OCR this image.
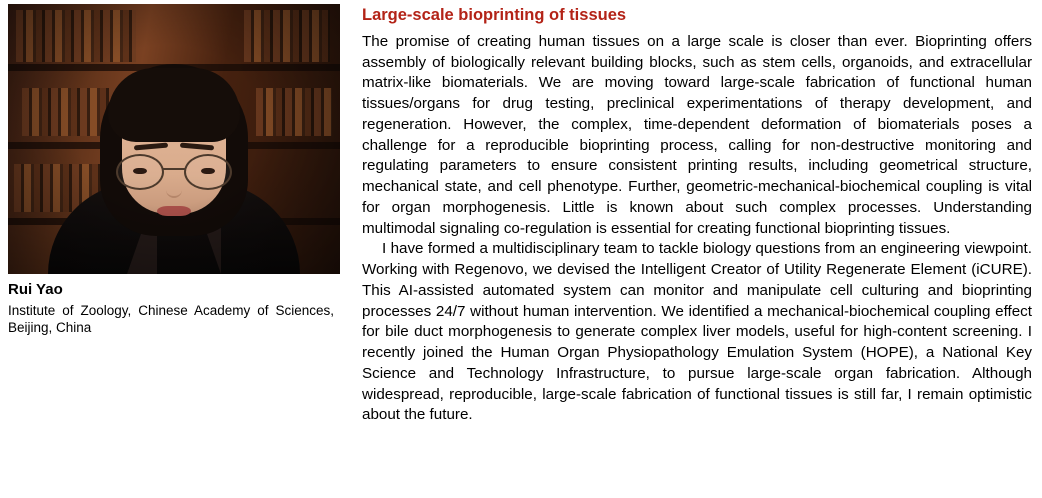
Rui Yao
Institute of Zoology, Chinese Academy of Sciences, Beijing, China
Large-scale bioprinting of tissues

The promise of creating human tissues on a large scale is closer than ever. Bioprinting offers assembly of biologically relevant building blocks, such as stem cells, organoids, and extracellular matrix-like biomaterials. We are moving toward large-scale fabrication of functional human tissues/organs for drug testing, preclinical experimentations of therapy development, and regeneration. However, the complex, time-dependent deformation of biomaterials poses a challenge for a reproducible bioprinting process, calling for non-destructive monitoring and regulating parameters to ensure consistent printing results, including geometrical structure, mechanical state, and cell phenotype. Further, geometric-mechanical-biochemical coupling is vital for organ morphogenesis. Little is known about such complex processes. Understanding multimodal signaling co-regulation is essential for creating functional bioprinting tissues.

I have formed a multidisciplinary team to tackle biology questions from an engineering viewpoint. Working with Regenovo, we devised the Intelligent Creator of Utility Regenerate Element (iCURE). This AI-assisted automated system can monitor and manipulate cell culturing and bioprinting processes 24/7 without human intervention. We identified a mechanical-biochemical coupling effect for bile duct morphogenesis to generate complex liver models, useful for high-content screening. I recently joined the Human Organ Physiopathology Emulation System (HOPE), a National Key Science and Technology Infrastructure, to pursue large-scale organ fabrication. Although widespread, reproducible, large-scale fabrication of functional tissues is still far, I remain optimistic about the future.
